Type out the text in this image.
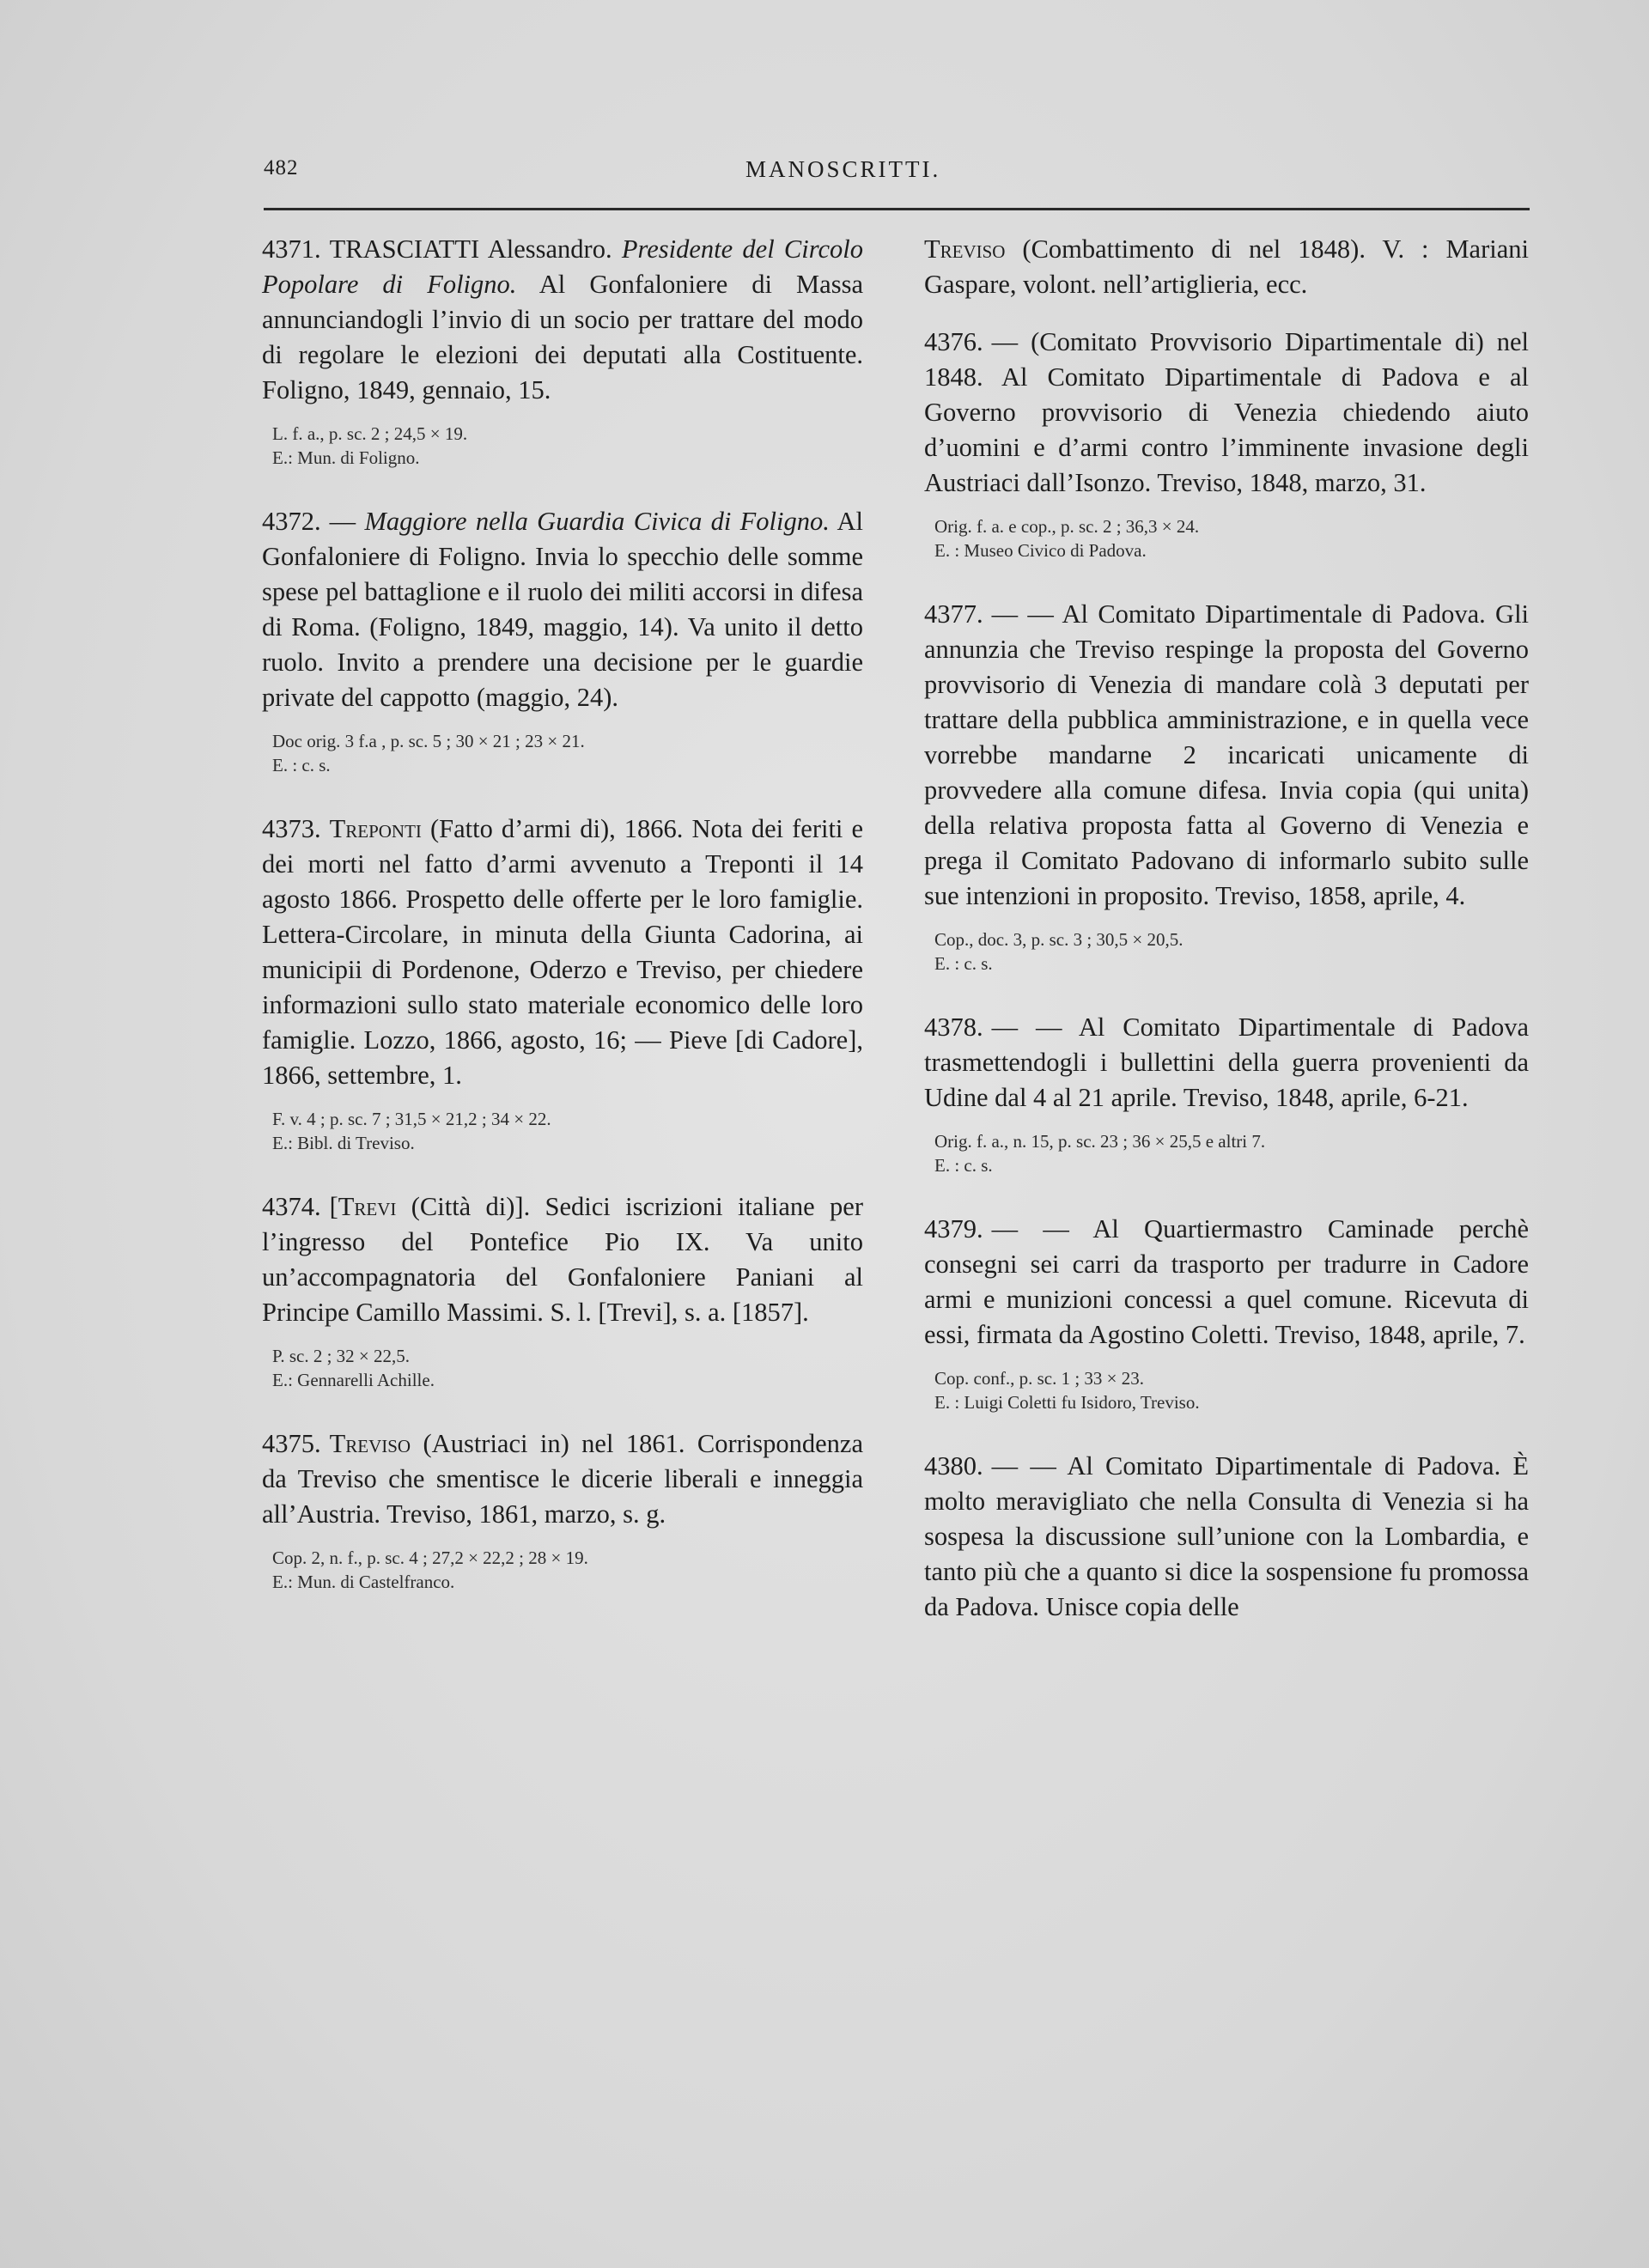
482	MANOSCRITTI.
4371. TRASCIATTI Alessandro. Presidente del Circolo Popolare di Foligno. Al Gonfaloniere di Massa annunciandogli l’invio di un socio per trattare del modo di regolare le elezioni dei deputati alla Costituente. Foligno, 1849, gennaio, 15.
L. f. a., p. sc. 2 ; 24,5 × 19.
E.: Mun. di Foligno.
4372. — Maggiore nella Guardia Civica di Foligno. Al Gonfaloniere di Foligno. Invia lo specchio delle somme spese pel battaglione e il ruolo dei militi accorsi in difesa di Roma. (Foligno, 1849, maggio, 14). Va unito il detto ruolo. Invito a prendere una decisione per le guardie private del cappotto (maggio, 24).
Doc orig. 3 f.a , p. sc. 5 ; 30 × 21 ; 23 × 21.
E. : c. s.
4373. Treponti (Fatto d’armi di), 1866. Nota dei feriti e dei morti nel fatto d’armi avvenuto a Treponti il 14 agosto 1866. Prospetto delle offerte per le loro famiglie. Lettera-Circolare, in minuta della Giunta Cadorina, ai municipii di Pordenone, Oderzo e Treviso, per chiedere informazioni sullo stato materiale economico delle loro famiglie. Lozzo, 1866, agosto, 16; — Pieve [di Cadore], 1866, settembre, 1.
F. v. 4 ; p. sc. 7 ; 31,5 × 21,2 ; 34 × 22.
E.: Bibl. di Treviso.
4374. [Trevi (Città di)]. Sedici iscrizioni italiane per l’ingresso del Pontefice Pio IX. Va unito un’accompagnatoria del Gonfaloniere Paniani al Principe Camillo Massimi. S. l. [Trevi], s. a. [1857].
P. sc. 2 ; 32 × 22,5.
E.: Gennarelli Achille.
4375. Treviso (Austriaci in) nel 1861. Corrispondenza da Treviso che smentisce le dicerie liberali e inneggia all’Austria. Treviso, 1861, marzo, s. g.
Cop. 2, n. f., p. sc. 4 ; 27,2 × 22,2 ; 28 × 19.
E.: Mun. di Castelfranco.
Treviso (Combattimento di nel 1848). V. : Mariani Gaspare, volont. nell’artiglieria, ecc.
4376. — (Comitato Provvisorio Dipartimentale di) nel 1848. Al Comitato Dipartimentale di Padova e al Governo provvisorio di Venezia chiedendo aiuto d’uomini e d’armi contro l’imminente invasione degli Austriaci dall’Isonzo. Treviso, 1848, marzo, 31.
Orig. f. a. e cop., p. sc. 2 ; 36,3 × 24.
E. : Museo Civico di Padova.
4377. — — Al Comitato Dipartimentale di Padova. Gli annunzia che Treviso respinge la proposta del Governo provvisorio di Venezia di mandare colà 3 deputati per trattare della pubblica amministrazione, e in quella vece vorrebbe mandarne 2 incaricati unicamente di provvedere alla comune difesa. Invia copia (qui unita) della relativa proposta fatta al Governo di Venezia e prega il Comitato Padovano di informarlo subito sulle sue intenzioni in proposito. Treviso, 1858, aprile, 4.
Cop., doc. 3, p. sc. 3 ; 30,5 × 20,5.
E. : c. s.
4378. — — Al Comitato Dipartimentale di Padova trasmettendogli i bullettini della guerra provenienti da Udine dal 4 al 21 aprile. Treviso, 1848, aprile, 6-21.
Orig. f. a., n. 15, p. sc. 23 ; 36 × 25,5 e altri 7.
E. : c. s.
4379. — — Al Quartiermastro Caminade perchè consegni sei carri da trasporto per tradurre in Cadore armi e munizioni concessi a quel comune. Ricevuta di essi, firmata da Agostino Coletti. Treviso, 1848, aprile, 7.
Cop. conf., p. sc. 1 ; 33 × 23.
E. : Luigi Coletti fu Isidoro, Treviso.
4380. — — Al Comitato Dipartimentale di Padova. È molto meravigliato che nella Consulta di Venezia si ha sospesa la discussione sull’unione con la Lombardia, e tanto più che a quanto si dice la sospensione fu promossa da Padova. Unisce copia delle
